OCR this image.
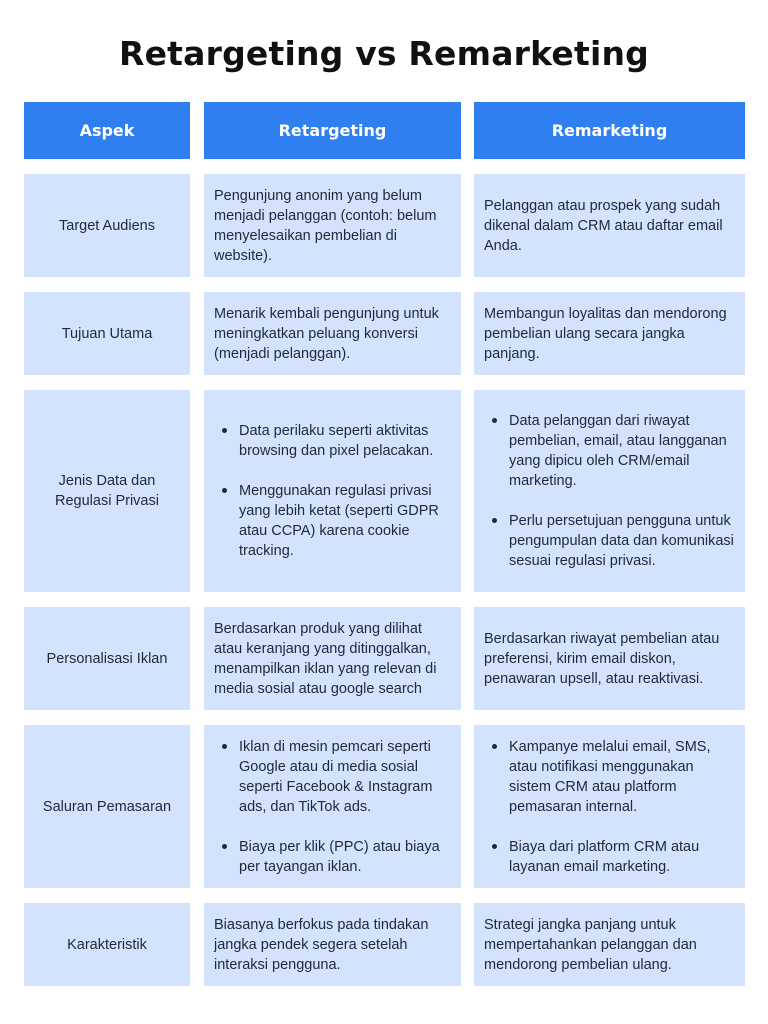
Retargeting vs Remarketing
Aspek	Retargeting	Remarketing
Target Audiens
Pengunjung anonim yang belum menjadi pelanggan (contoh: belum menyelesaikan pembelian di website).
Pelanggan atau prospek yang sudah dikenal dalam CRM atau daftar email Anda.
Tujuan Utama
Menarik kembali pengunjung untuk meningkatkan peluang konversi (menjadi pelanggan).
Membangun loyalitas dan mendorong pembelian ulang secara jangka panjang.
Jenis Data dan Regulasi Privasi
Data perilaku seperti aktivitas browsing dan pixel pelacakan.
Menggunakan regulasi privasi yang lebih ketat (seperti GDPR atau CCPA) karena cookie tracking.
Data pelanggan dari riwayat pembelian, email, atau langganan yang dipicu oleh CRM/email marketing.
Perlu persetujuan pengguna untuk pengumpulan data dan komunikasi sesuai regulasi privasi.
Personalisasi Iklan
Berdasarkan produk yang dilihat atau keranjang yang ditinggalkan, menampilkan iklan yang relevan di media sosial atau google search
Berdasarkan riwayat pembelian atau preferensi, kirim email diskon, penawaran upsell, atau reaktivasi.
Saluran Pemasaran
Iklan di mesin pemcari seperti Google atau di media sosial seperti Facebook & Instagram ads, dan TikTok ads.
Biaya per klik (PPC) atau biaya per tayangan iklan.
Kampanye melalui email, SMS, atau notifikasi menggunakan sistem CRM atau platform pemasaran internal.
Biaya dari platform CRM atau layanan email marketing.
Karakteristik
Biasanya berfokus pada tindakan jangka pendek segera setelah interaksi pengguna.
Strategi jangka panjang untuk mempertahankan pelanggan dan mendorong pembelian ulang.
